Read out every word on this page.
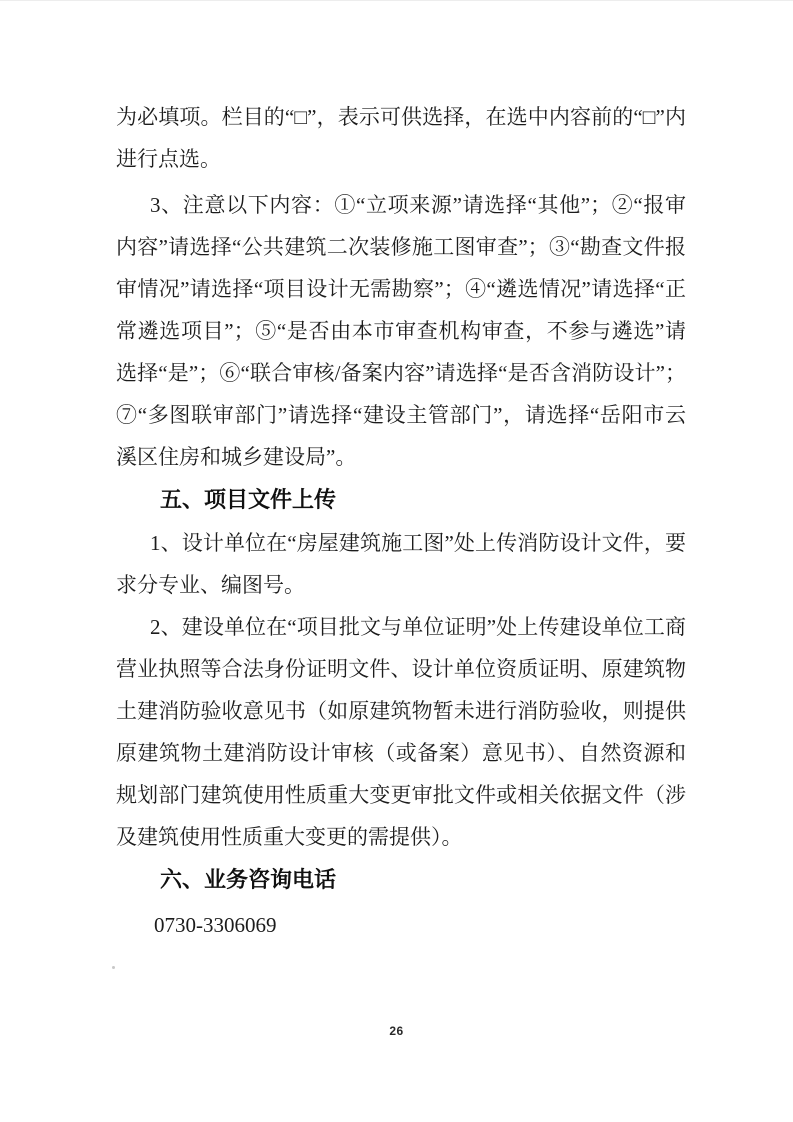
为必填项。栏目的“□”，表示可供选择，在选中内容前的“□”内进行点选。

3、注意以下内容：①“立项来源”请选择“其他”；②“报审内容”请选择“公共建筑二次装修施工图审查”；③“勘查文件报审情况”请选择“项目设计无需勘察”；④“遴选情况”请选择“正常遴选项目”；⑤“是否由本市审查机构审查，不参与遴选”请选择“是”；⑥“联合审核/备案内容”请选择“是否含消防设计”；⑦“多图联审部门”请选择“建设主管部门”，请选择“岳阳市云溪区住房和城乡建设局”。

五、项目文件上传

1、设计单位在“房屋建筑施工图”处上传消防设计文件，要求分专业、编图号。

2、建设单位在“项目批文与单位证明”处上传建设单位工商营业执照等合法身份证明文件、设计单位资质证明、原建筑物土建消防验收意见书（如原建筑物暂未进行消防验收，则提供原建筑物土建消防设计审核（或备案）意见书）、自然资源和规划部门建筑使用性质重大变更审批文件或相关依据文件（涉及建筑使用性质重大变更的需提供）。

六、业务咨询电话

0730-3306069

26
